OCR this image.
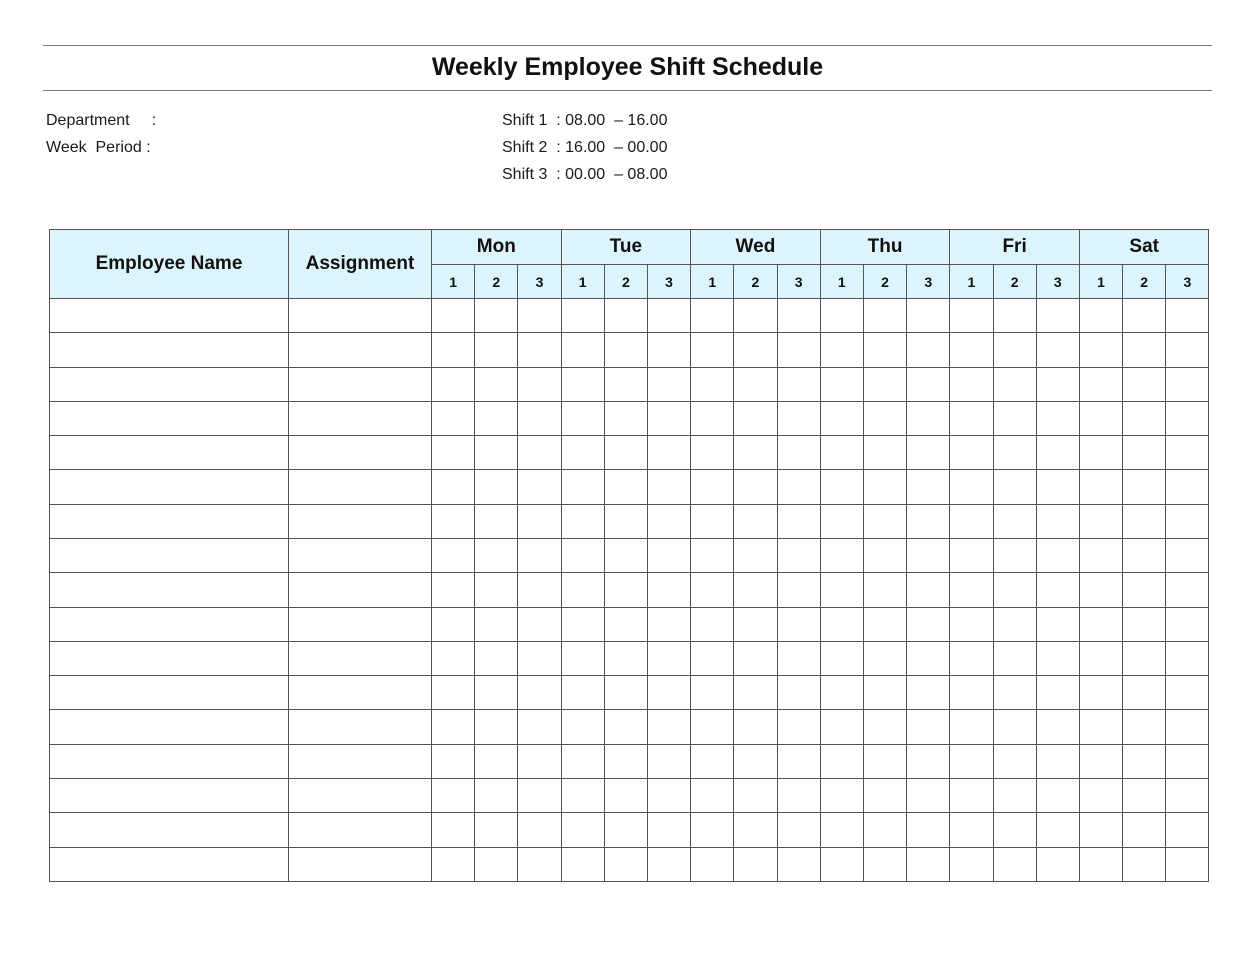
Weekly Employee Shift Schedule
Department :
Week  Period :
Shift 1 : 08.00  – 16.00
Shift 2 : 16.00  – 00.00
Shift 3 : 00.00  – 08.00
Employee Name	Assignment	Mon			Tue			Wed			Thu			Fri			Sat		
		1	2	3	1	2	3	1	2	3	1	2	3	1	2	3	1	2	3
